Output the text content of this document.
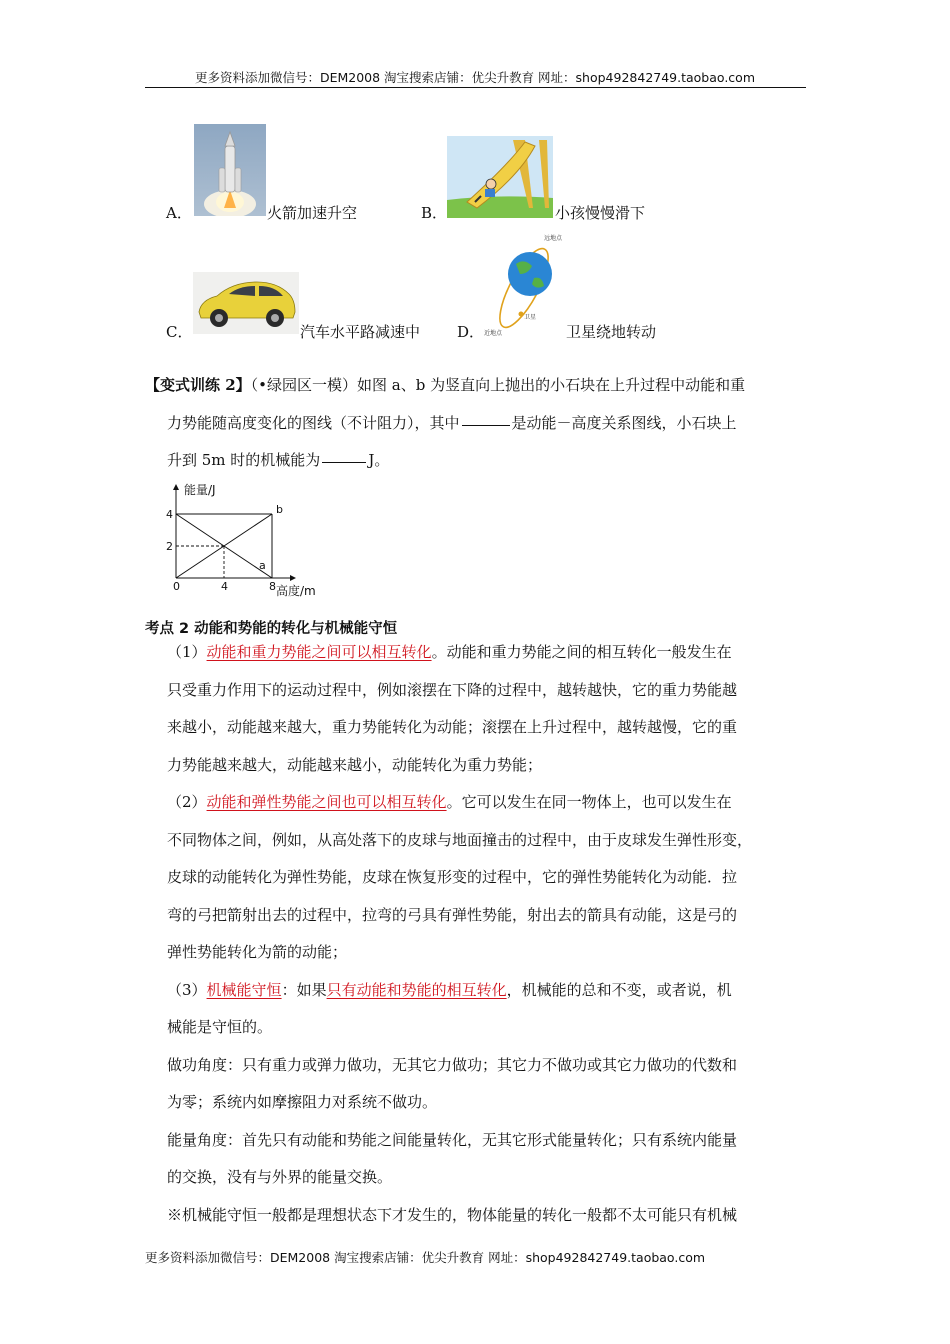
更多资料添加微信号：DEM2008 淘宝搜索店铺：优尖升教育 网址：shop492842749.taobao.com
A．	火箭加速升空	B．	小孩慢慢滑下
C．	汽车水平路减速中 D．
远地点
卫星
近地点	卫星绕地转动
【变式训练 2】（•绿园区一模）如图 a、b 为竖直向上抛出的小石块在上升过程中动能和重
力势能随高度变化的图线（不计阻力），其中	是动能－高度关系图线，小石块上
升到 5m 时的机械能为	J。
a
b
0	4	8
2
4
能量/J
高度/m
考点 2 动能和势能的转化与机械能守恒

（1）动能和重力势能之间可以相互转化。动能和重力势能之间的相互转化一般发生在

只受重力作用下的运动过程中，例如滚摆在下降的过程中，越转越快，它的重力势能越

来越小，动能越来越大，重力势能转化为动能；滚摆在上升过程中，越转越慢，它的重

力势能越来越大，动能越来越小，动能转化为重力势能；

（2）动能和弹性势能之间也可以相互转化。它可以发生在同一物体上，也可以发生在

不同物体之间，例如，从高处落下的皮球与地面撞击的过程中，由于皮球发生弹性形变，

皮球的动能转化为弹性势能，皮球在恢复形变的过程中，它的弹性势能转化为动能．拉

弯的弓把箭射出去的过程中，拉弯的弓具有弹性势能，射出去的箭具有动能，这是弓的

弹性势能转化为箭的动能；

（3）机械能守恒：如果只有动能和势能的相互转化，机械能的总和不变，或者说，机

械能是守恒的。

做功角度：只有重力或弹力做功，无其它力做功；其它力不做功或其它力做功的代数和

为零；系统内如摩擦阻力对系统不做功。

能量角度：首先只有动能和势能之间能量转化，无其它形式能量转化；只有系统内能量

的交换，没有与外界的能量交换。

※机械能守恒一般都是理想状态下才发生的，物体能量的转化一般都不太可能只有机械

更多资料添加微信号：DEM2008 淘宝搜索店铺：优尖升教育 网址：shop492842749.taobao.com
